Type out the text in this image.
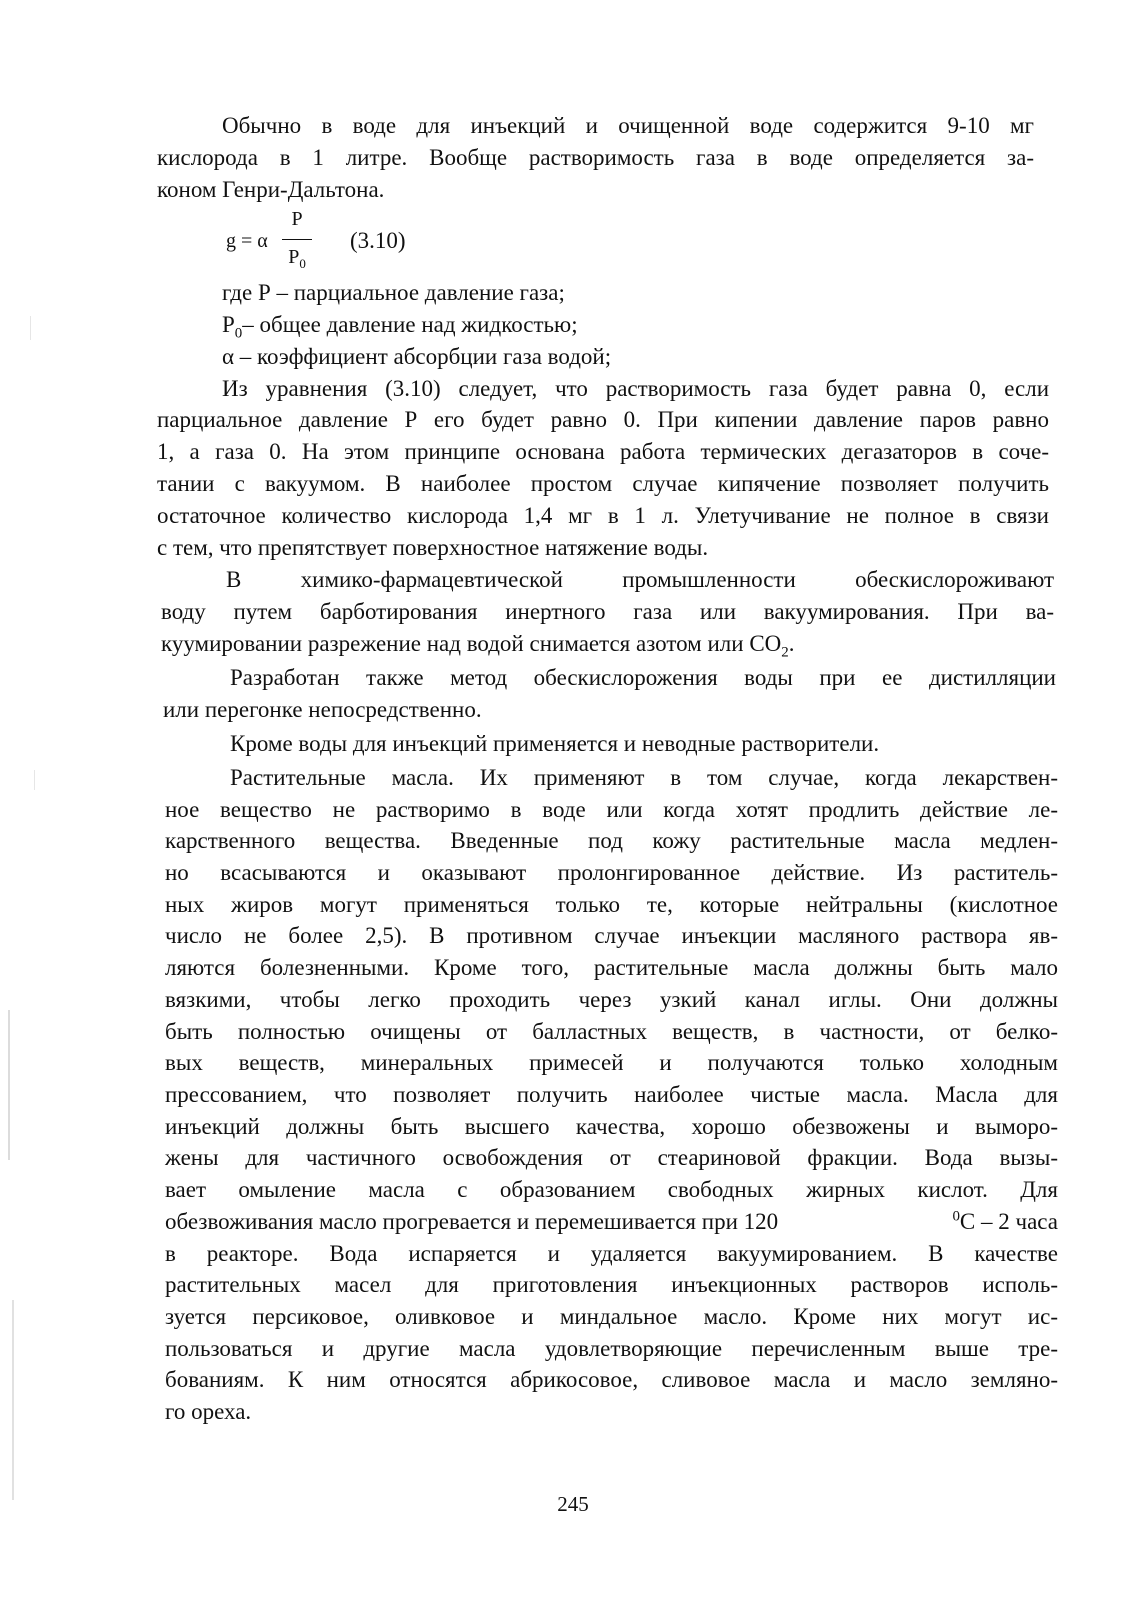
Обычно в воде для инъекций и очищенной воде содержится 9-10 мг
кислорода в 1 литре. Вообще растворимость газа в воде определяется за-
коном Генри-Дальтона.
g = α
P
$P_0$
(3.10)
где Р – парциальное давление газа;
$Р_0-$ общее давление над жидкостью;
α – коэффициент абсорбции газа водой;
Из уравнения (3.10) следует, что растворимость газа будет равна 0, если
парциальное давление Р его будет равно 0. При кипении давление паров равно
1, а газа 0. На этом принципе основана работа термических дегазаторов в соче-
тании с вакуумом. В наиболее простом случае кипячение позволяет получить
остаточное количество кислорода 1,4 мг в 1 л. Улетучивание не полное в связи
с тем, что препятствует поверхностное натяжение воды.
В химико-фармацевтической промышленности обескислороживают
воду путем барботирования инертного газа или вакуумирования. При ва-
куумировании разрежение над водой снимается азотом или $СО_2$.
Разработан также метод обескислорожения воды при ее дистилляции
или перегонке непосредственно.
Кроме воды для инъекций применяется и неводные растворители.
Растительные масла. Их применяют в том случае, когда лекарствен-
ное вещество не растворимо в воде или когда хотят продлить действие ле-
карственного вещества. Введенные под кожу растительные масла медлен-
но всасываются и оказывают пролонгированное действие. Из раститель-
ных жиров могут применяться только те, которые нейтральны (кислотное
число не более 2,5). В противном случае инъекции масляного раствора яв-
ляются болезненными. Кроме того, растительные масла должны быть мало
вязкими, чтобы легко проходить через узкий канал иглы. Они должны
быть полностью очищены от балластных веществ, в частности, от белко-
вых веществ, минеральных примесей и получаются только холодным
прессованием, что позволяет получить наиболее чистые масла. Масла для
инъекций должны быть высшего качества, хорошо обезвожены и выморо-
жены для частичного освобождения от стеариновой фракции. Вода вызы-
вает омыление масла с образованием свободных жирных кислот. Для
обезвоживания масло прогревается и перемешивается при 120	$^0$С – 2 часа
в реакторе. Вода испаряется и удаляется вакуумированием. В качестве
растительных масел для приготовления инъекционных растворов исполь-
зуется персиковое, оливковое и миндальное масло. Кроме них могут ис-
пользоваться и другие масла удовлетворяющие перечисленным выше тре-
бованиям. К ним относятся абрикосовое, сливовое масла и масло земляно-
го ореха.
245
